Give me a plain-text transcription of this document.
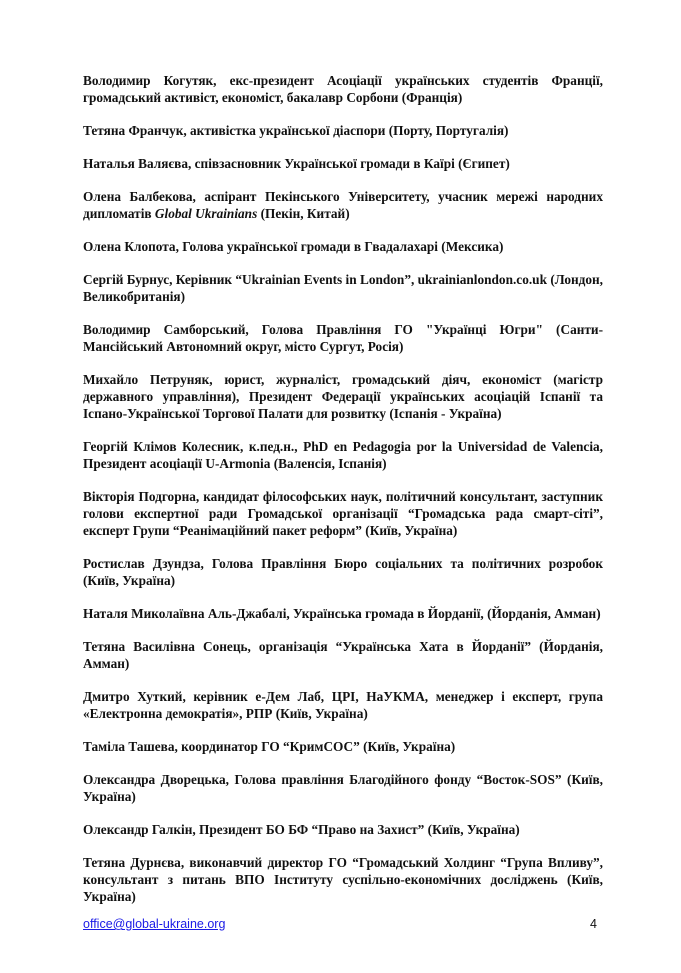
Володимир Когутяк, екс-президент Асоціації українських студентів Франції, громадський активіст, економіст, бакалавр Сорбони (Франція)

Тетяна Франчук, активістка української діаспори (Порту, Португалія)

Наталья Валяєва, співзасновник Української громади в Каїрі (Єгипет)

Олена Балбекова, аспірант Пекінського Університету, учасник мережі народних дипломатів Global Ukrainians (Пекін, Китай)

Олена Клопота, Голова української громади в Гвадалахарі (Мексика)

Сергій Бурнус, Керівник “Ukrainian Events in London”, ukrainianlondon.co.uk (Лондон, Великобританія)

Володимир Самборський, Голова Правління ГО "Українці Югри" (Санти-Мансійський Автономний округ, місто Сургут, Росія)

Михайло Петруняк, юрист, журналіст, громадський діяч, економіст (магістр державного управління), Президент Федерації українських асоціацій Іспанії та Іспано-Української Торгової Палати для розвитку (Іспанія - Україна)

Георгій Клімов Колесник, к.пед.н., PhD en Pedagogia por la Universidad de Valencia, Президент асоціації U-Armonia (Валенсія, Іспанія)

Вікторія Подгорна, кандидат філософських наук, політичний консультант, заступник голови експертної ради Громадської організації “Громадська рада смарт-сіті”, експерт Групи “Реанімаційний пакет реформ” (Київ, Україна)

Ростислав Дзундза, Голова Правління Бюро соціальних та політичних розробок (Київ, Україна)

Наталя Миколаївна Аль-Джабалі, Українська громада в Йорданії, (Йорданія, Амман)

Тетяна Василівна Сонець, організація “Українська Хата в Йорданії” (Йорданія, Амман)

Дмитро Хуткий, керівник е-Дем Лаб, ЦРІ, НаУКМА, менеджер і експерт, група «Електронна демократія», РПР (Київ, Україна)

Таміла Ташева, координатор ГО “КримСОС” (Київ, Україна)

Олександра Дворецька, Голова правління Благодійного фонду “Восток-SOS” (Київ, Україна)

Олександр Галкін, Президент БО БФ “Право на Захист” (Київ, Україна)

Тетяна Дурнєва, виконавчий директор ГО “Громадський Холдинг “Група Впливу”, консультант з питань ВПО Інституту суспільно-економічних досліджень (Київ, Україна)

office@global-ukraine.org	4
